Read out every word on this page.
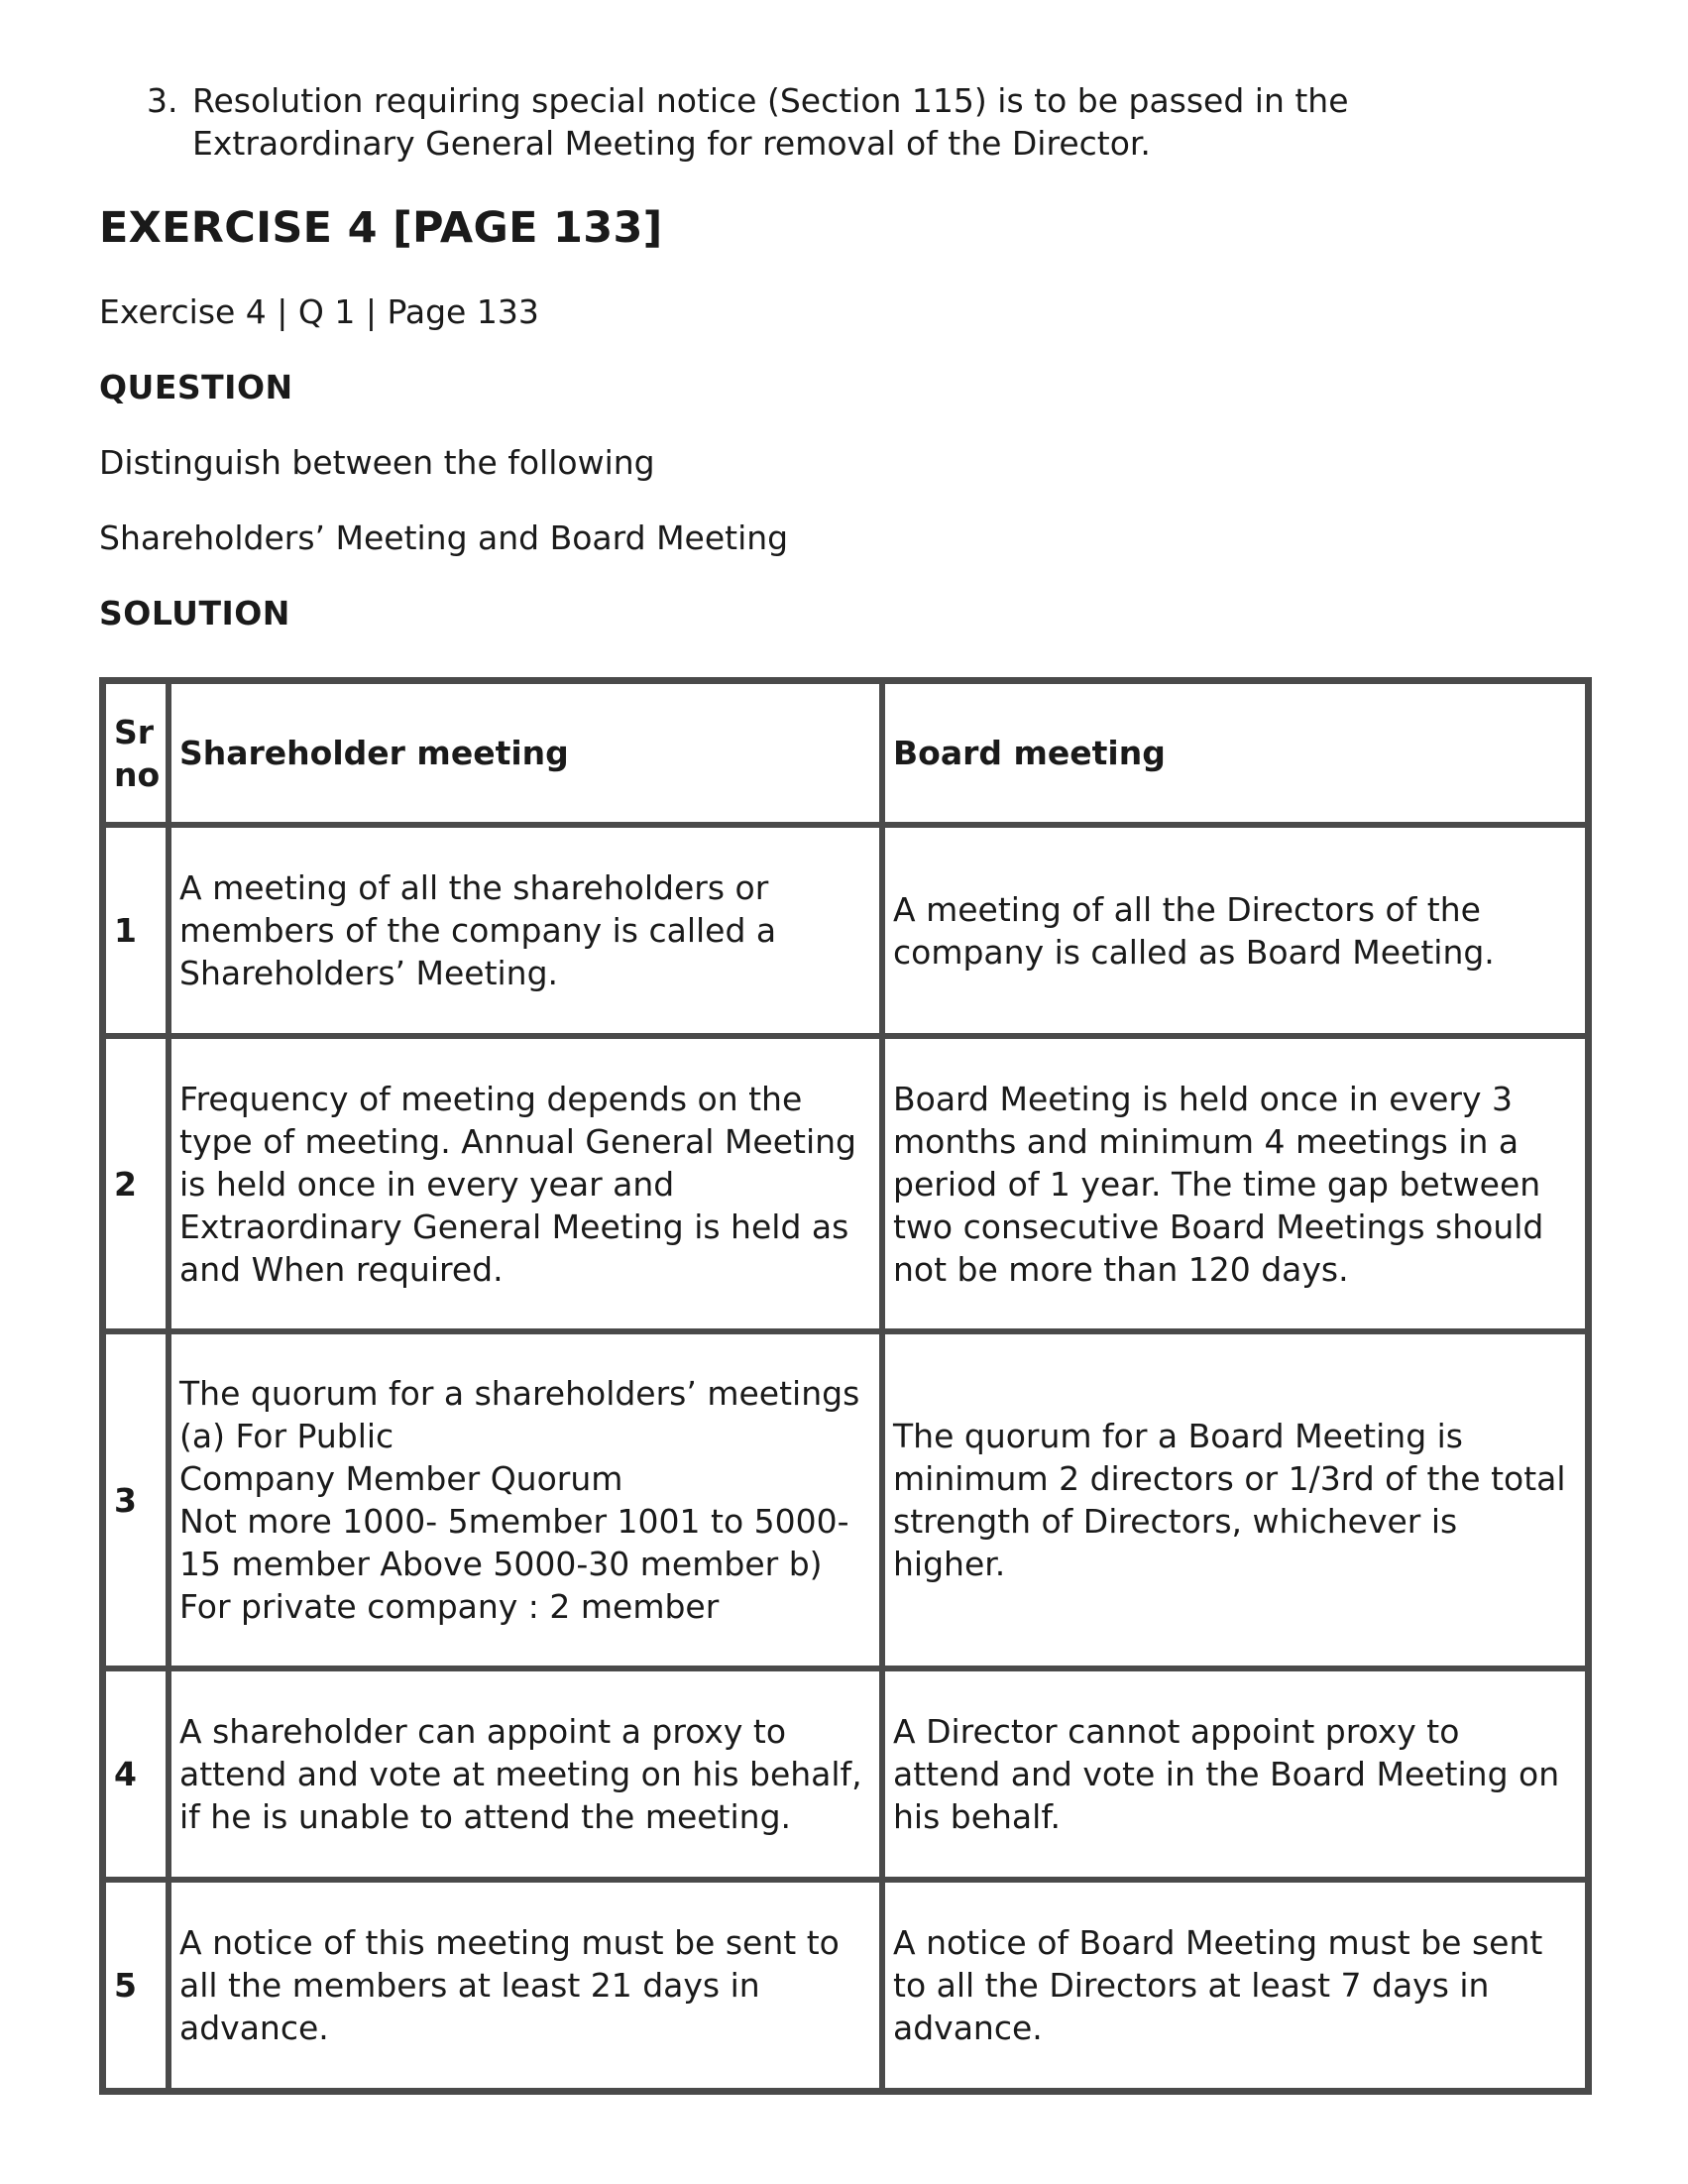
3. Resolution requiring special notice (Section 115) is to be passed in the Extraordinary General Meeting for removal of the Director.
EXERCISE 4 [PAGE 133]
Exercise 4 | Q 1 | Page 133
QUESTION
Distinguish between the following
Shareholders’ Meeting and Board Meeting
SOLUTION
Sr no	Shareholder meeting	Board meeting
1	A meeting of all the shareholders or members of the company is called a Shareholders’ Meeting.	A meeting of all the Directors of the company is called as Board Meeting.
2	Frequency of meeting depends on the type of meeting. Annual General Meeting is held once in every year and Extraordinary General Meeting is held as and When required.	Board Meeting is held once in every 3 months and minimum 4 meetings in a period of 1 year. The time gap between two consecutive Board Meetings should not be more than 120 days.
3	The quorum for a shareholders’ meetings (a) For Public
Company Member Quorum
Not more 1000- 5member 1001 to 5000- 15 member Above 5000-30 member b) For private company : 2 member	The quorum for a Board Meeting is minimum 2 directors or 1/3rd of the total strength of Directors, whichever is higher.
4	A shareholder can appoint a proxy to attend and vote at meeting on his behalf, if he is unable to attend the meeting.	A Director cannot appoint proxy to attend and vote in the Board Meeting on his behalf.
5	A notice of this meeting must be sent to all the members at least 21 days in advance.	A notice of Board Meeting must be sent to all the Directors at least 7 days in advance.
